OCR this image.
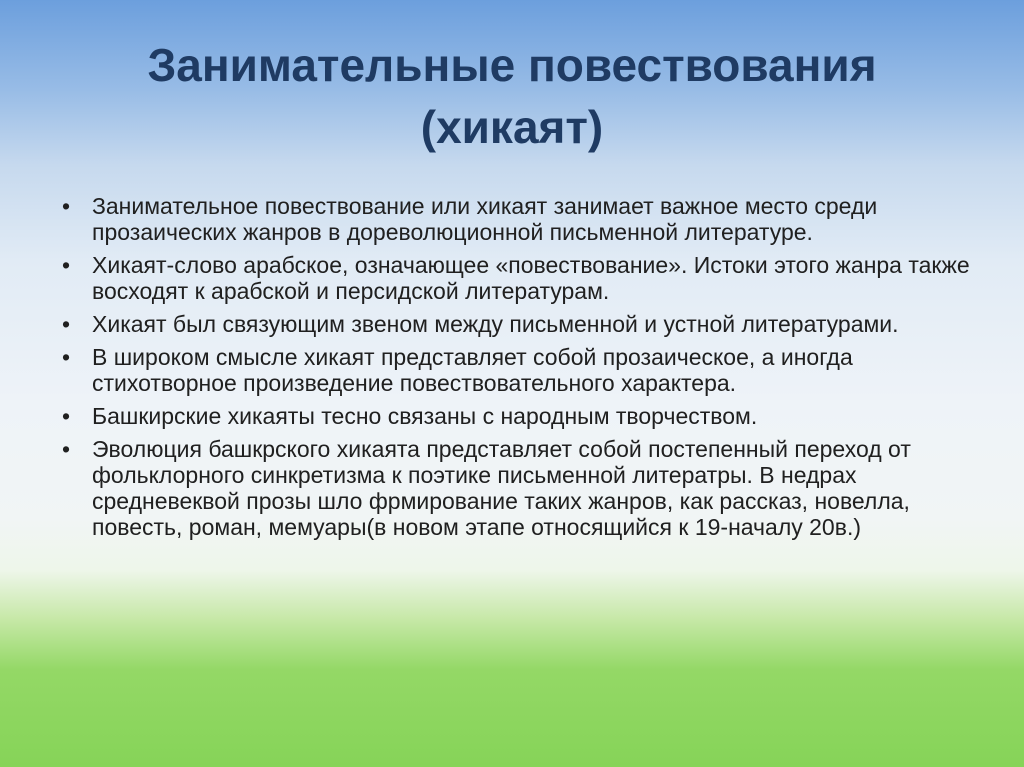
Занимательные повествования
(хикаят)
• Занимательное повествование или хикаят занимает важное место среди прозаических жанров в дореволюционной письменной литературе.
• Хикаят-слово арабское, означающее «повествование». Истоки этого жанра также восходят к арабской и персидской литературам.
• Хикаят был связующим звеном между письменной и устной литературами.
• В широком смысле хикаят представляет собой прозаическое, а иногда стихотворное произведение повествовательного характера.
• Башкирские хикаяты тесно связаны с народным творчеством.
• Эволюция башкрского хикаята представляет собой постепенный переход от фольклорного синкретизма к поэтике письменной литератры. В недрах средневеквой прозы шло фрмирование таких жанров, как рассказ, новелла, повесть, роман, мемуары(в новом этапе относящийся к 19-началу 20в.)
